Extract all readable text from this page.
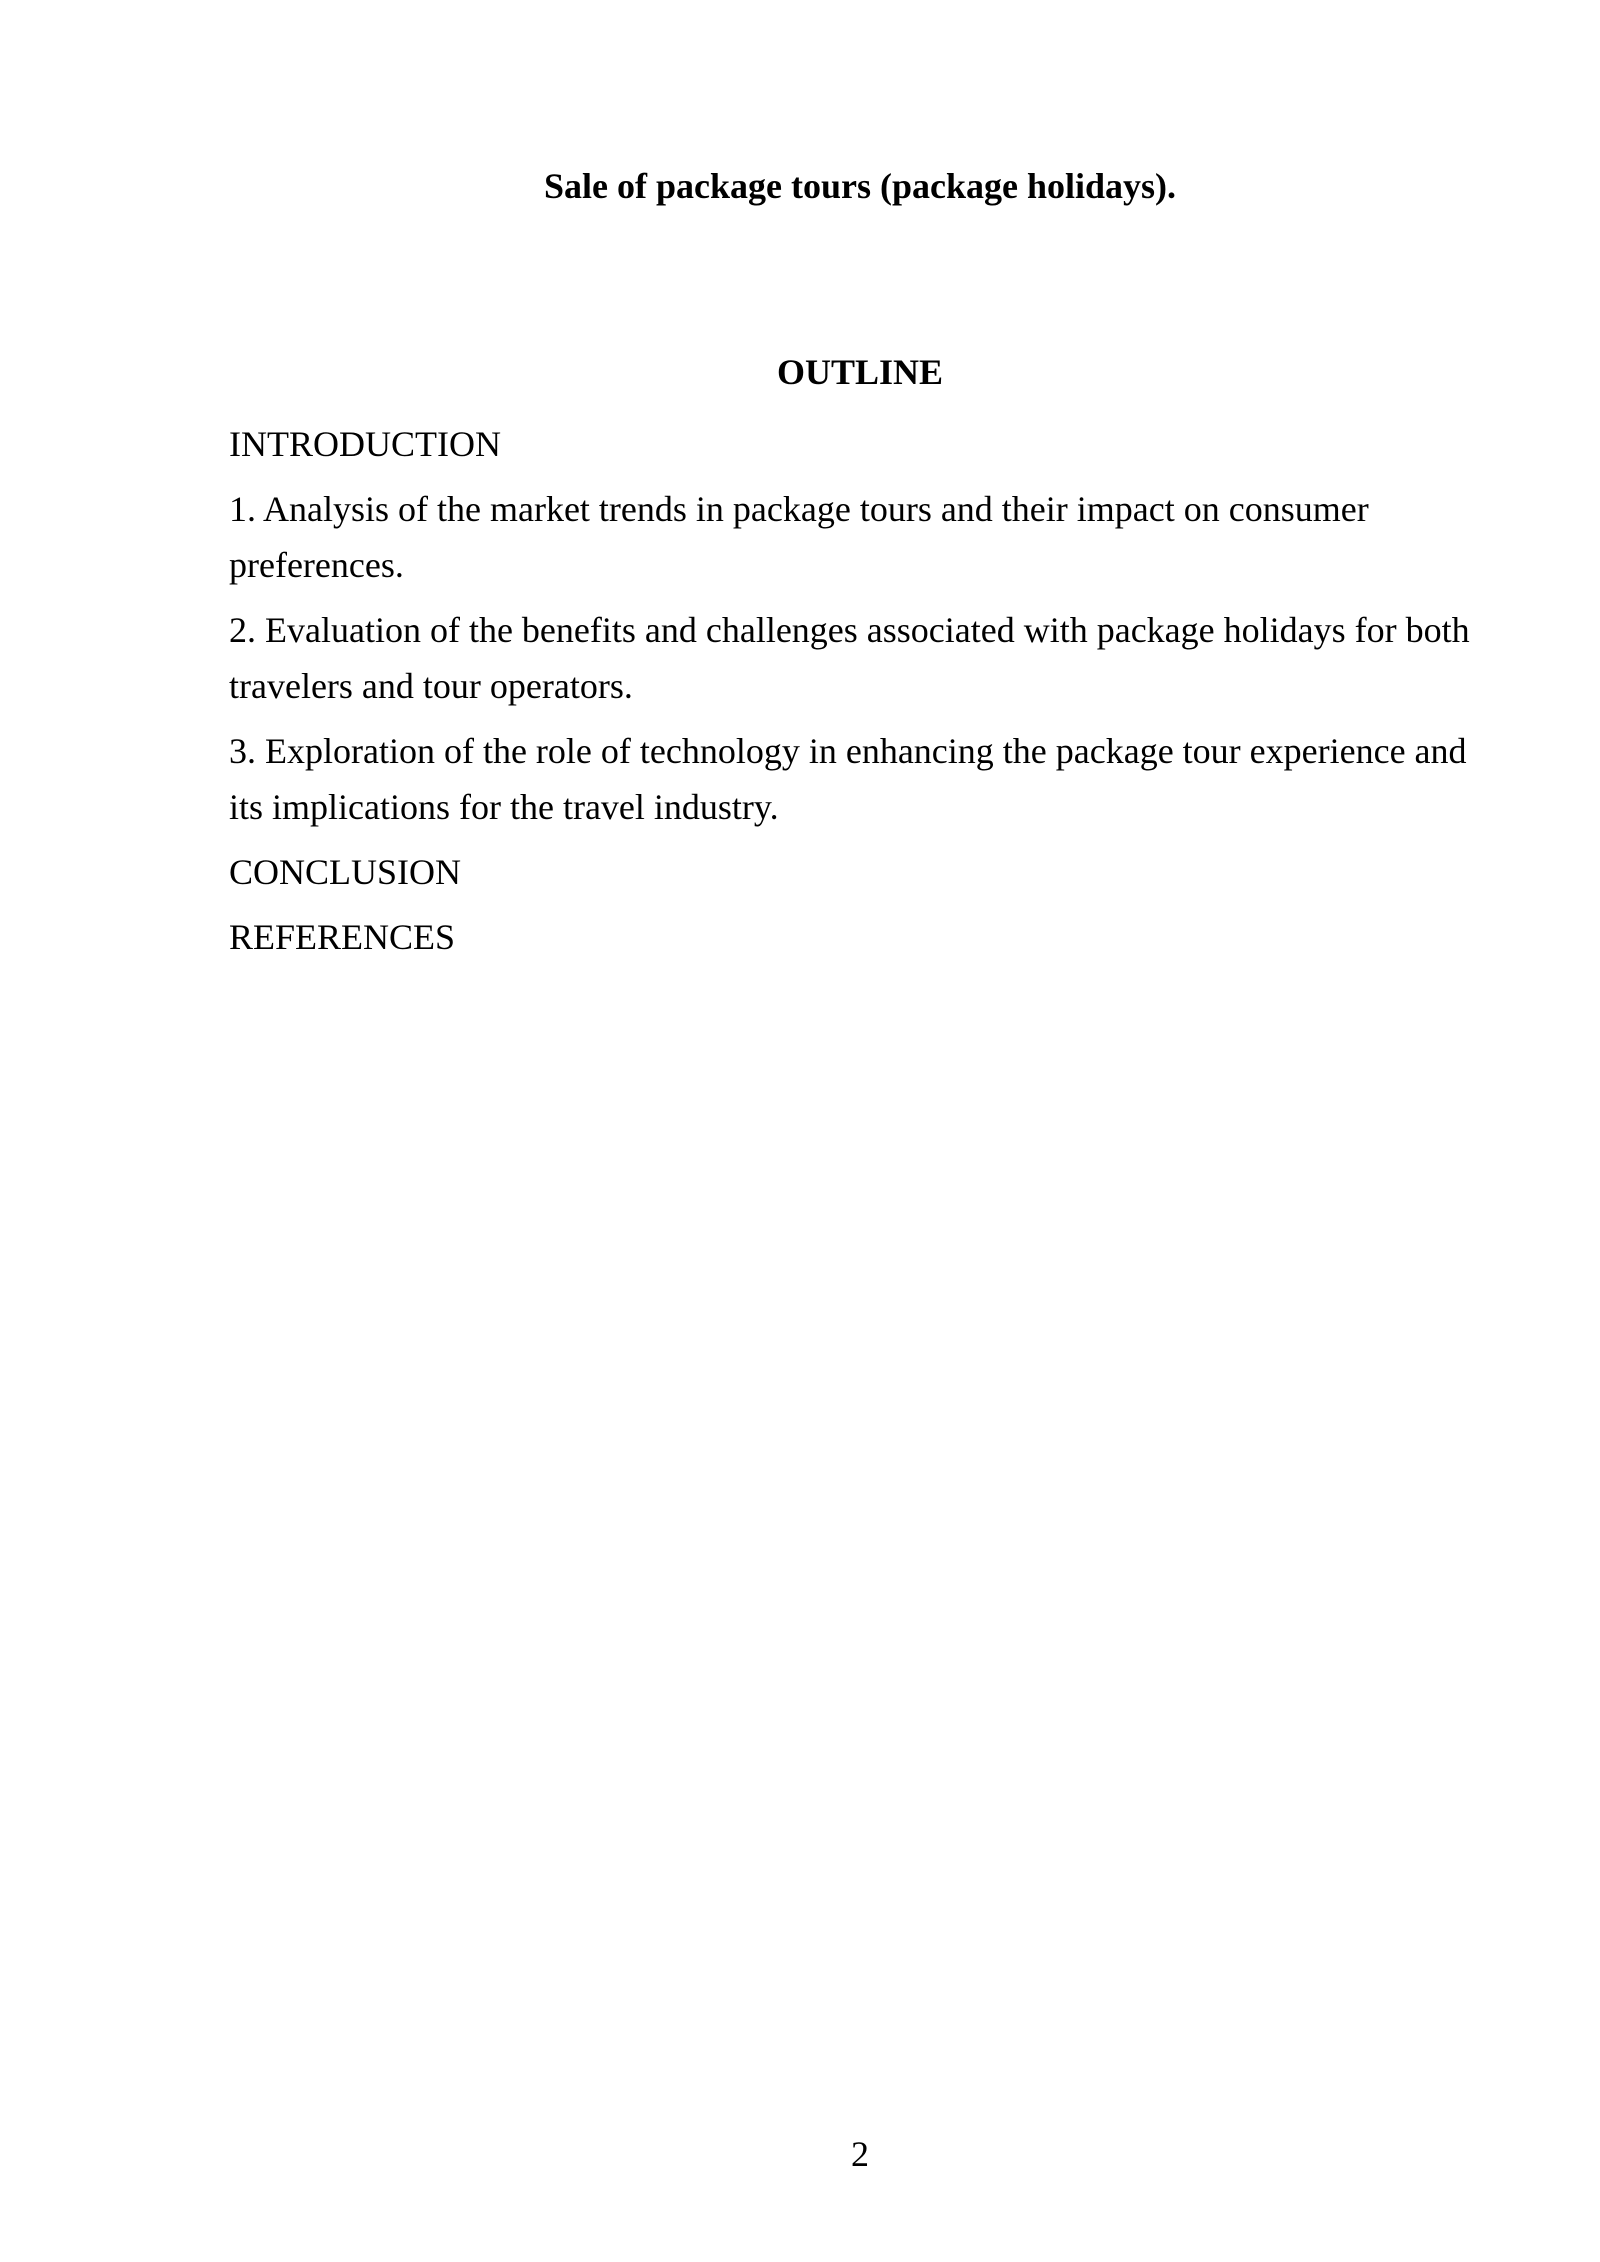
Sale of package tours (package holidays).
OUTLINE
INTRODUCTION
1. Analysis of the market trends in package tours and their impact on consumer preferences.
2. Evaluation of the benefits and challenges associated with package holidays for both travelers and tour operators.
3. Exploration of the role of technology in enhancing the package tour experience and its implications for the travel industry.
CONCLUSION
REFERENCES
2
